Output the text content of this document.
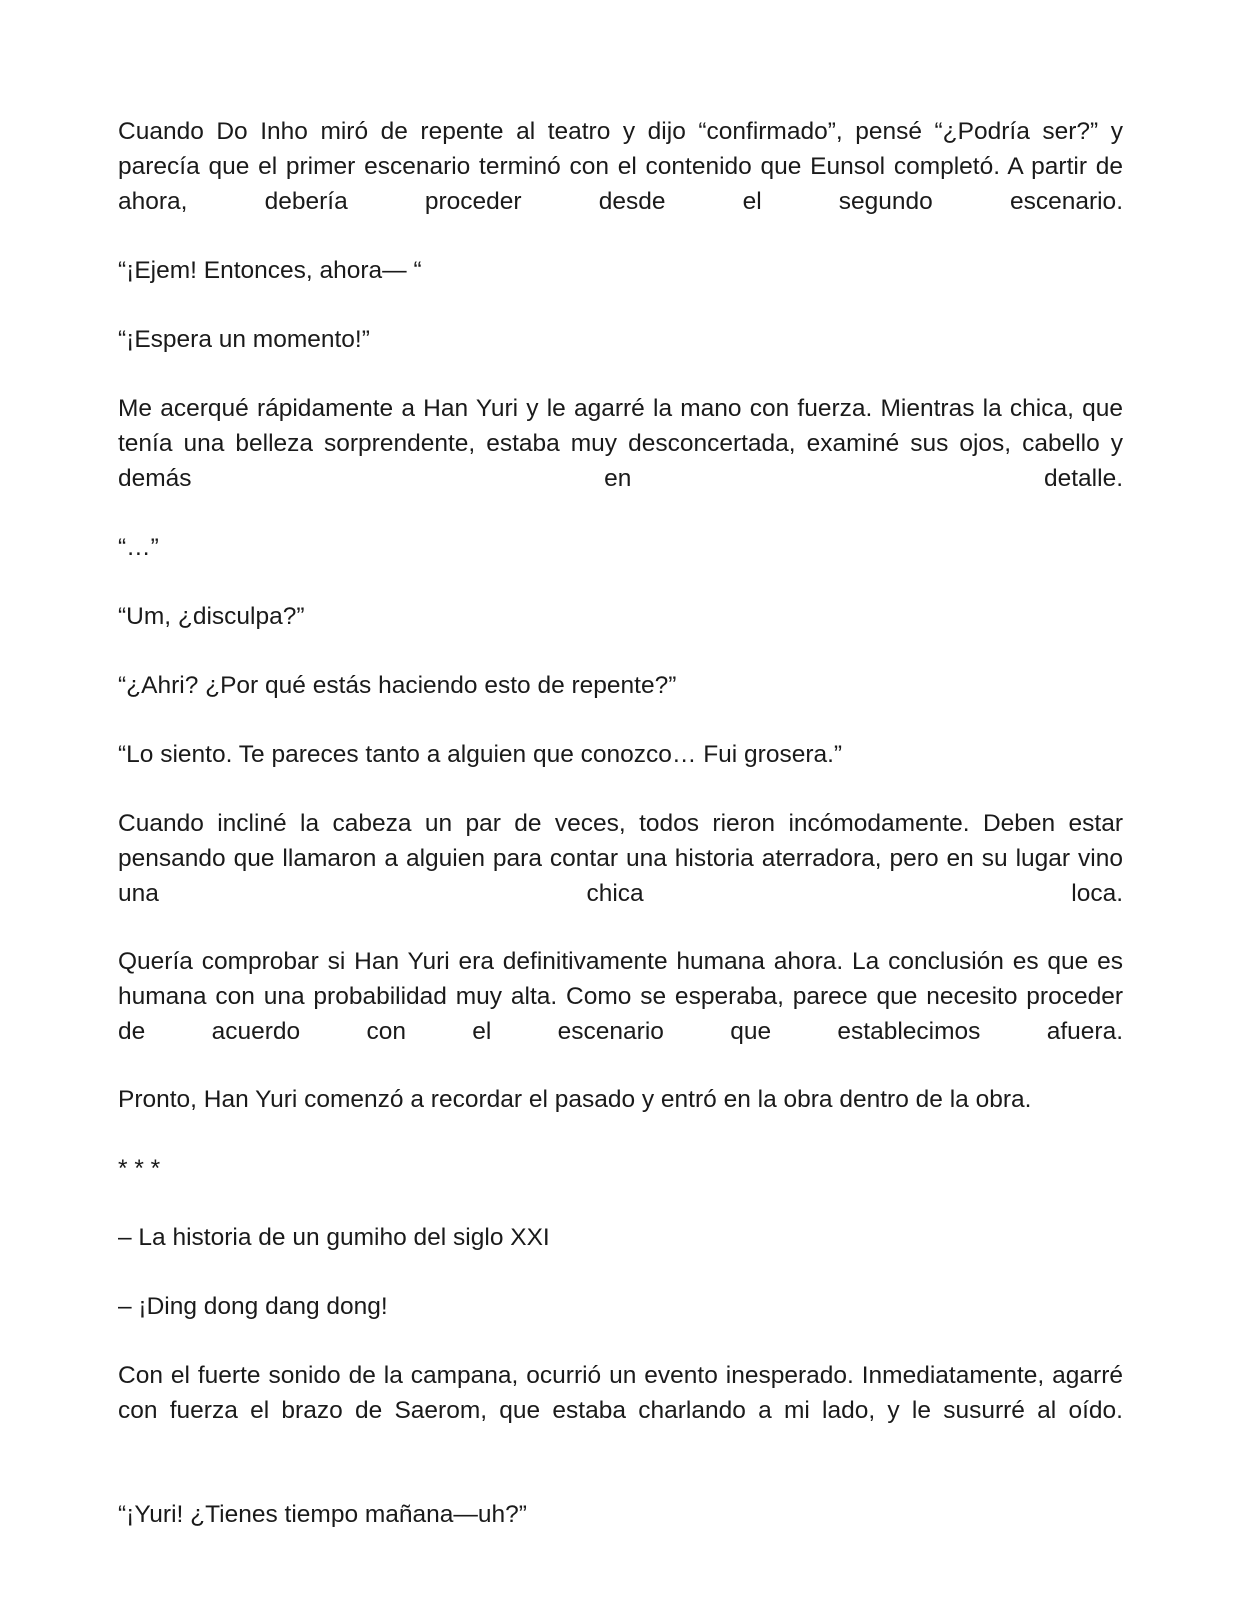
Cuando Do Inho miró de repente al teatro y dijo “confirmado”, pensé “¿Podría ser?” y parecía que el primer escenario terminó con el contenido que Eunsol completó. A partir de ahora, debería proceder desde el segundo escenario.

“¡Ejem! Entonces, ahora— “

“¡Espera un momento!”

Me acerqué rápidamente a Han Yuri y le agarré la mano con fuerza. Mientras la chica, que tenía una belleza sorprendente, estaba muy desconcertada, examiné sus ojos, cabello y demás en detalle.

“…”

“Um, ¿disculpa?”

“¿Ahri? ¿Por qué estás haciendo esto de repente?”

“Lo siento. Te pareces tanto a alguien que conozco… Fui grosera.”

Cuando incliné la cabeza un par de veces, todos rieron incómodamente. Deben estar pensando que llamaron a alguien para contar una historia aterradora, pero en su lugar vino una chica loca.

Quería comprobar si Han Yuri era definitivamente humana ahora. La conclusión es que es humana con una probabilidad muy alta. Como se esperaba, parece que necesito proceder de acuerdo con el escenario que establecimos afuera.

Pronto, Han Yuri comenzó a recordar el pasado y entró en la obra dentro de la obra.

* * *

– La historia de un gumiho del siglo XXI

– ¡Ding dong dang dong!

Con el fuerte sonido de la campana, ocurrió un evento inesperado. Inmediatamente, agarré con fuerza el brazo de Saerom, que estaba charlando a mi lado, y le susurré al oído.

“¡Yuri! ¿Tienes tiempo mañana—uh?”
